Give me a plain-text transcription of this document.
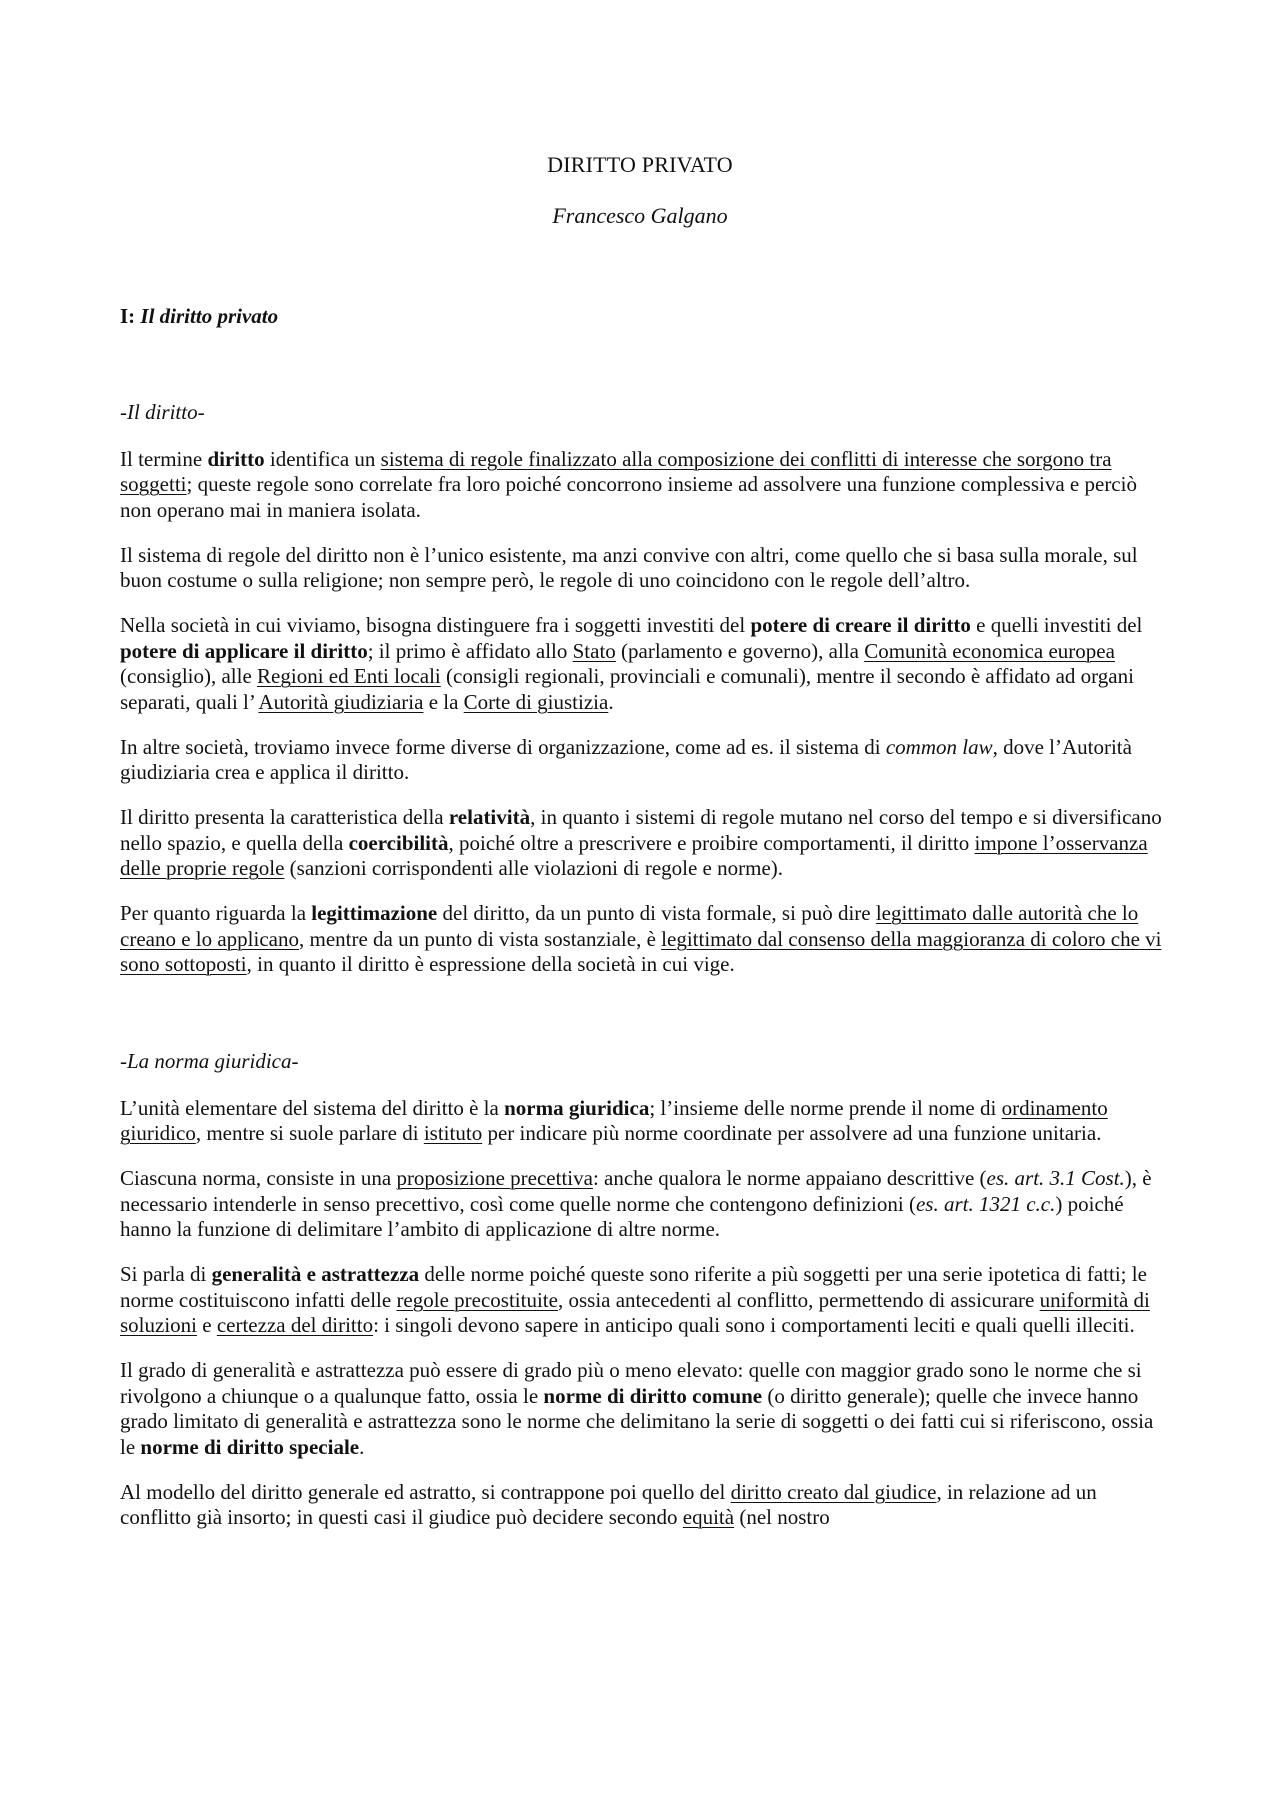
DIRITTO PRIVATO
Francesco Galgano
I: Il diritto privato
-Il diritto-

Il termine diritto identifica un sistema di regole finalizzato alla composizione dei conflitti di interesse che sorgono tra soggetti; queste regole sono correlate fra loro poiché concorrono insieme ad assolvere una funzione complessiva e perciò non operano mai in maniera isolata.

Il sistema di regole del diritto non è l’unico esistente, ma anzi convive con altri, come quello che si basa sulla morale, sul buon costume o sulla religione; non sempre però, le regole di uno coincidono con le regole dell’altro.

Nella società in cui viviamo, bisogna distinguere fra i soggetti investiti del potere di creare il diritto e quelli investiti del potere di applicare il diritto; il primo è affidato allo Stato (parlamento e governo), alla Comunità economica europea (consiglio), alle Regioni ed Enti locali (consigli regionali, provinciali e comunali), mentre il secondo è affidato ad organi separati, quali l’ Autorità giudiziaria e la Corte di giustizia.

In altre società, troviamo invece forme diverse di organizzazione, come ad es. il sistema di common law, dove l’Autorità giudiziaria crea e applica il diritto.

Il diritto presenta la caratteristica della relatività, in quanto i sistemi di regole mutano nel corso del tempo e si diversificano nello spazio, e quella della coercibilità, poiché oltre a prescrivere e proibire comportamenti, il diritto impone l’osservanza delle proprie regole (sanzioni corrispondenti alle violazioni di regole e norme).

Per quanto riguarda la legittimazione del diritto, da un punto di vista formale, si può dire legittimato dalle autorità che lo creano e lo applicano, mentre da un punto di vista sostanziale, è legittimato dal consenso della maggioranza di coloro che vi sono sottoposti, in quanto il diritto è espressione della società in cui vige.

-La norma giuridica-

L’unità elementare del sistema del diritto è la norma giuridica; l’insieme delle norme prende il nome di ordinamento giuridico, mentre si suole parlare di istituto per indicare più norme coordinate per assolvere ad una funzione unitaria.

Ciascuna norma, consiste in una proposizione precettiva: anche qualora le norme appaiano descrittive (es. art. 3.1 Cost.), è necessario intenderle in senso precettivo, così come quelle norme che contengono definizioni (es. art. 1321 c.c.) poiché hanno la funzione di delimitare l’ambito di applicazione di altre norme.

Si parla di generalità e astrattezza delle norme poiché queste sono riferite a più soggetti per una serie ipotetica di fatti; le norme costituiscono infatti delle regole precostituite, ossia antecedenti al conflitto, permettendo di assicurare uniformità di soluzioni e certezza del diritto: i singoli devono sapere in anticipo quali sono i comportamenti leciti e quali quelli illeciti.

Il grado di generalità e astrattezza può essere di grado più o meno elevato: quelle con maggior grado sono le norme che si rivolgono a chiunque o a qualunque fatto, ossia le norme di diritto comune (o diritto generale); quelle che invece hanno grado limitato di generalità e astrattezza sono le norme che delimitano la serie di soggetti o dei fatti cui si riferiscono, ossia le norme di diritto speciale.

Al modello del diritto generale ed astratto, si contrappone poi quello del diritto creato dal giudice, in relazione ad un conflitto già insorto; in questi casi il giudice può decidere secondo equità (nel nostro
